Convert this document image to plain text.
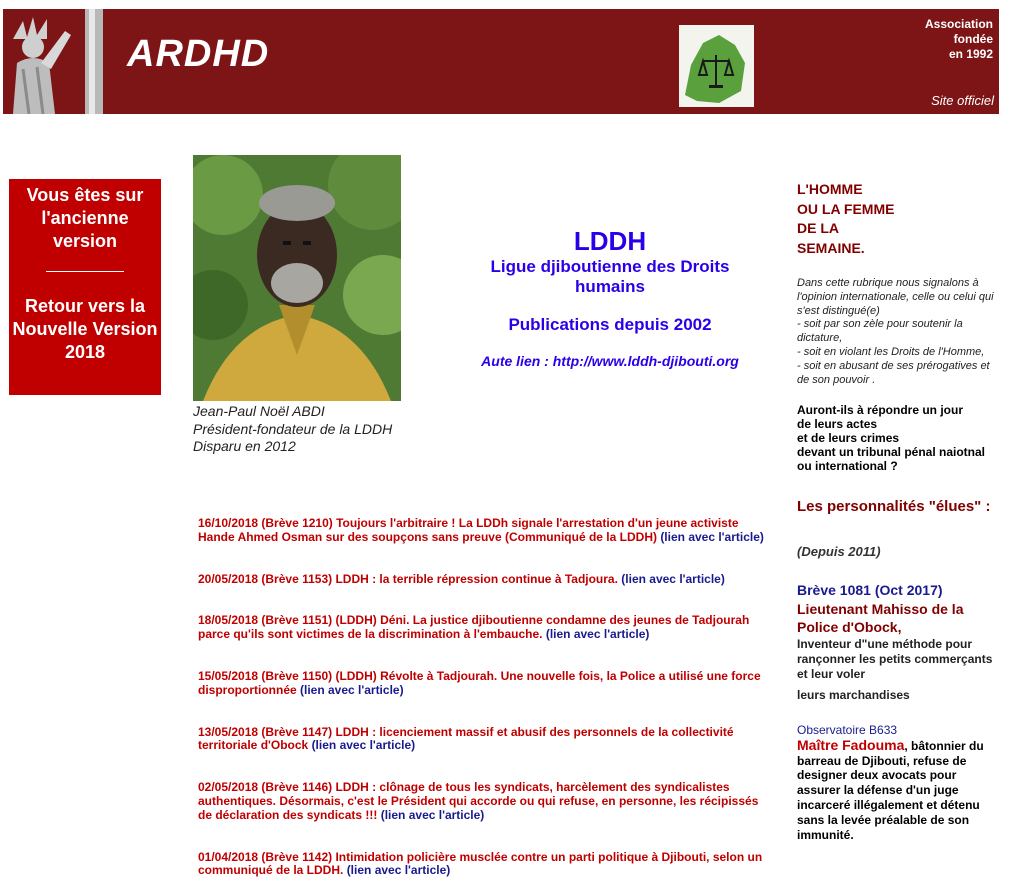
ARDHD
Association
fondée
en 1992
Site officiel
Vous êtes sur l'ancienne version
Retour vers la Nouvelle Version 2018
Jean-Paul Noël ABDI
Président-fondateur de la LDDH
Disparu en 2012
LDDH
Ligue djiboutienne des Droits humains
Publications depuis 2002
Aute lien : http://www.lddh-djibouti.org

16/10/2018 (Brève 1210) Toujours l'arbitraire ! La LDDh signale l'arrestation d'un jeune activiste Hande Ahmed Osman sur des soupçons sans preuve (Communiqué de la LDDH) (lien avec l'article)

20/05/2018 (Brève 1153) LDDH : la terrible répression continue à Tadjoura. (lien avec l'article)

18/05/2018 (Brève 1151) (LDDH) Déni. La justice djiboutienne condamne des jeunes de Tadjourah parce qu'ils sont victimes de la discrimination à l'embauche. (lien avec l'article)

15/05/2018 (Brève 1150) (LDDH) Révolte à Tadjourah. Une nouvelle fois, la Police a utilisé une force disproportionnée (lien avec l'article)

13/05/2018 (Brève 1147) LDDH : licenciement massif et abusif des personnels de la collectivité territoriale d'Obock (lien avec l'article)

02/05/2018 (Brève 1146) LDDH : clônage de tous les syndicats, harcèlement des syndicalistes authentiques. Désormais, c'est le Président qui accorde ou qui refuse, en personne, les récipissés de déclaration des syndicats !!! (lien avec l'article)

01/04/2018 (Brève 1142) Intimidation policière musclée contre un parti politique à Djibouti, selon un communiqué de la LDDH. (lien avec l'article)

L'HOMME
OU LA FEMME
DE LA
SEMAINE.
Dans cette rubrique nous signalons à l'opinion internationale, celle ou celui qui s'est distingué(e)
- soit par son zèle pour soutenir la dictature,
- soit en violant les Droits de l'Homme,
- soit en abusant de ses prérogatives et de son pouvoir .
Auront-ils à répondre un jour
de leurs actes
et de leurs crimes
devant un tribunal pénal naiotnal ou international ?
Les personnalités "élues" :
(Depuis 2011)
Brève 1081 (Oct 2017)
Lieutenant Mahisso de la Police d'Obock,
Inventeur d"une méthode pour rançonner les petits commerçants et leur voler
leurs marchandises
Observatoire B633
Maître Fadouma, bâtonnier du barreau de Djibouti, refuse de designer deux avocats pour assurer la défense d'un juge incarceré illégalement et détenu sans la levée préalable de son immunité.
